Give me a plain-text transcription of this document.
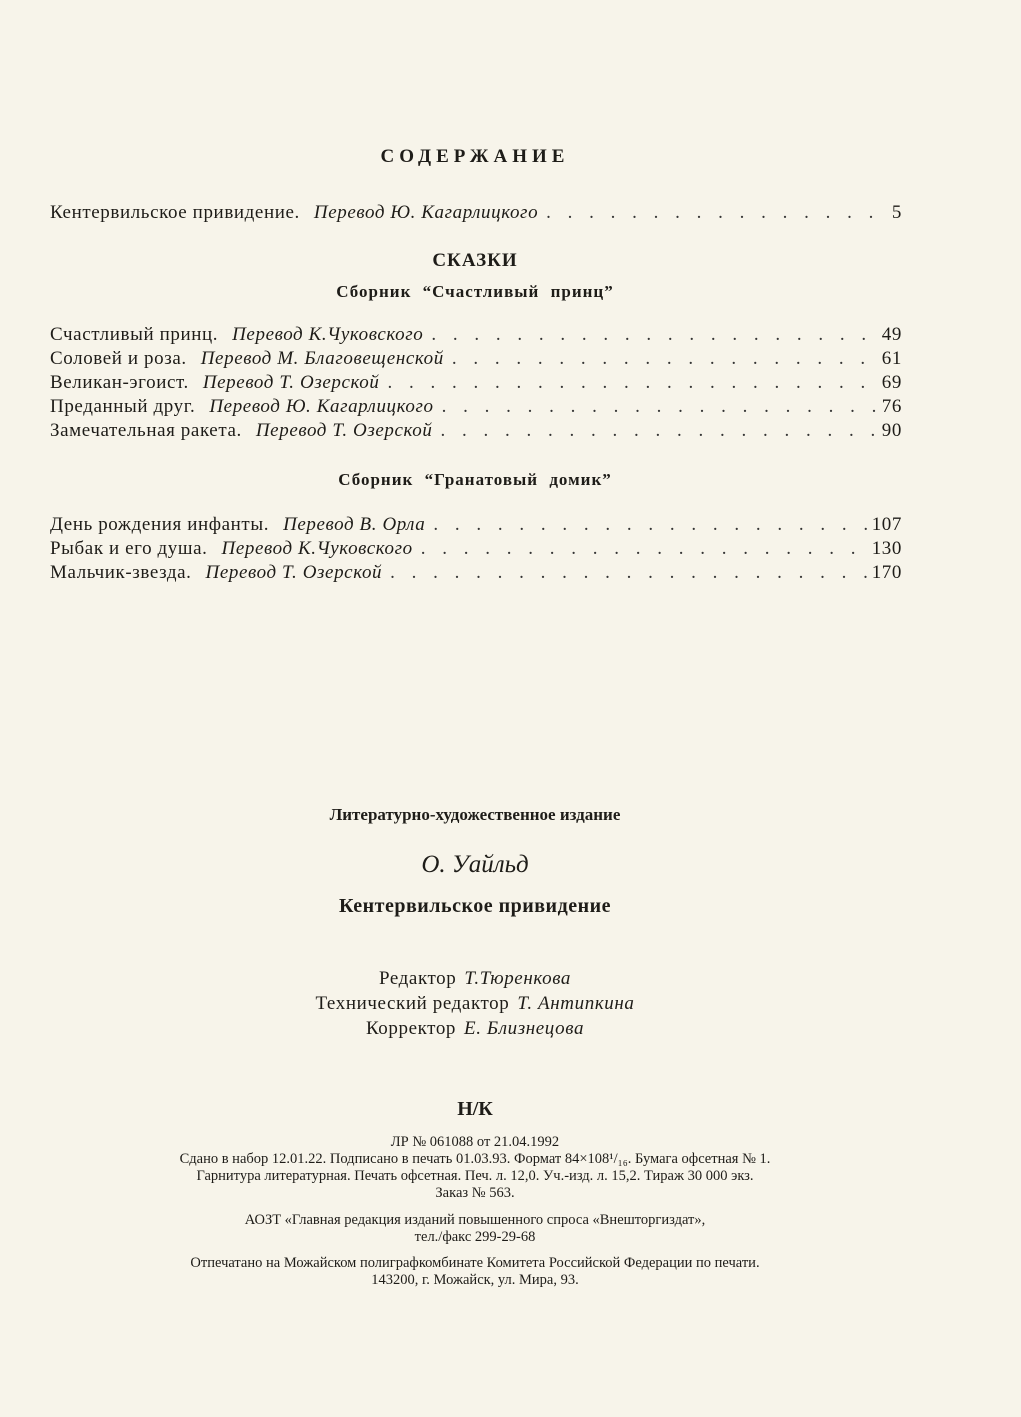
СОДЕРЖАНИЕ
Кентервильское привидение. Перевод Ю. Кагарлицкого . . .	5
СКАЗКИ
Сборник “Счастливый принц”
Счастливый принц. Перевод К.Чуковского . . .	49
Соловей и роза. Перевод М. Благовещенской . . .	61
Великан-эгоист. Перевод Т. Озерской . . .	69
Преданный друг. Перевод Ю. Кагарлицкого . . .	76
Замечательная ракета. Перевод Т. Озерской . . .	90
Сборник “Гранатовый домик”
День рождения инфанты. Перевод В. Орла . . .	107
Рыбак и его душа. Перевод К.Чуковского . . .	130
Мальчик-звезда. Перевод Т. Озерской . . .	170
Литературно-художественное издание
О. Уайльд
Кентервильское привидение
Редактор Т.Тюренкова
Технический редактор Т. Антипкина
Корректор Е. Близнецова
Н/К
ЛР № 061088 от 21.04.1992
Сдано в набор 12.01.22. Подписано в печать 01.03.93. Формат 84×108¹/₁₆. Бумага офсетная № 1.
Гарнитура литературная. Печать офсетная. Печ. л. 12,0. Уч.-изд. л. 15,2. Тираж 30 000 экз.
Заказ № 563.
АОЗТ «Главная редакция изданий повышенного спроса «Внешторгиздат»,
тел./факс 299-29-68
Отпечатано на Можайском полиграфкомбинате Комитета Российской Федерации по печати.
143200, г. Можайск, ул. Мира, 93.
